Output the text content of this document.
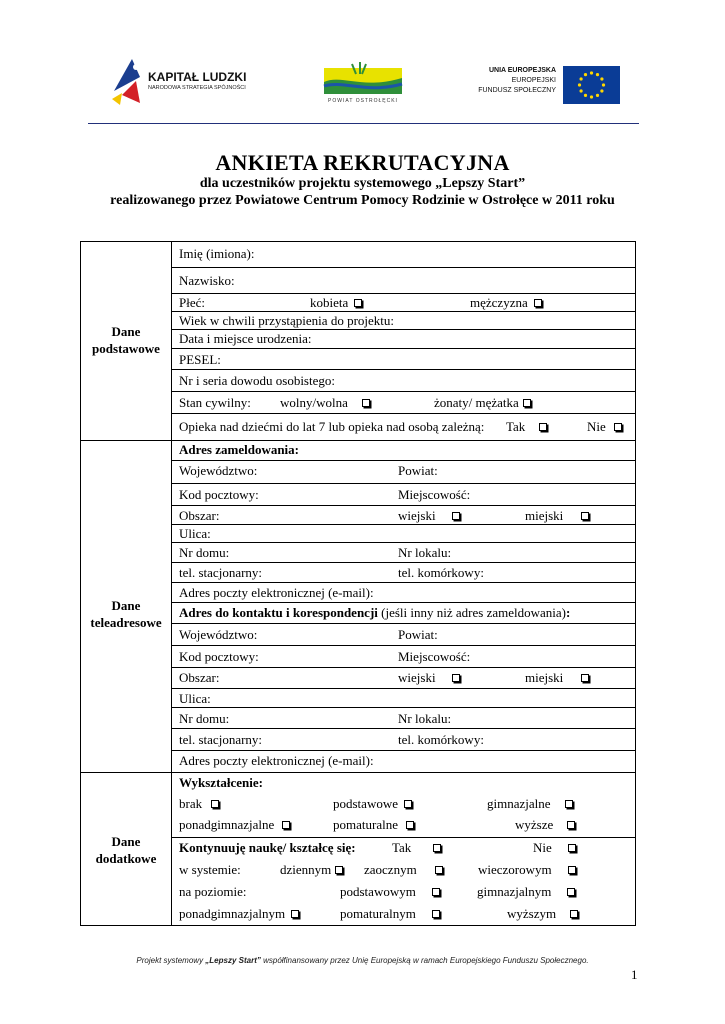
KAPITAŁ LUDZKI
NARODOWA STRATEGIA SPÓJNOŚCI
POWIAT OSTROŁĘCKI
UNIA EUROPEJSKA
EUROPEJSKI
FUNDUSZ SPOŁECZNY
ANKIETA REKRUTACYJNA
dla uczestników projektu systemowego „Lepszy Start”
realizowanego przez Powiatowe Centrum Pomocy Rodzinie w Ostrołęce w 2011 roku
Dane
podstawowe
Dane
teleadresowe
Dane
dodatkowe
Imię (imiona):
Nazwisko:
Płeć:	kobieta	mężczyzna
Wiek w chwili przystąpienia do projektu:
Data i miejsce urodzenia:
PESEL:
Nr i seria dowodu osobistego:
Stan cywilny: wolny/wolna	żonaty/ mężatka
Opieka nad dziećmi do lat 7 lub opieka nad osobą zależną: Tak	Nie
Adres zameldowania:
Województwo:	Powiat:
Kod pocztowy:	Miejscowość:
Obszar:	wiejski	miejski
Ulica:
Nr domu:	Nr lokalu:
tel. stacjonarny:	tel. komórkowy:
Adres poczty elektronicznej (e-mail):
Adres do kontaktu i korespondencji (jeśli inny niż adres zameldowania):
Województwo:	Powiat:
Kod pocztowy:	Miejscowość:
Obszar:	wiejski	miejski
Ulica:
Nr domu:	Nr lokalu:
tel. stacjonarny:	tel. komórkowy:
Adres poczty elektronicznej (e-mail):
Wykształcenie:
brak	podstawowe	gimnazjalne
ponadgimnazjalne	pomaturalne	wyższe
Kontynuuję naukę/ kształcę się:	Tak	Nie
w systemie:	dziennym	zaocznym	wieczorowym
na poziomie:	podstawowym	gimnazjalnym
ponadgimnazjalnym	pomaturalnym	wyższym
Projekt systemowy „Lepszy Start” współfinansowany przez Unię Europejską w ramach Europejskiego Funduszu Społecznego.
1
